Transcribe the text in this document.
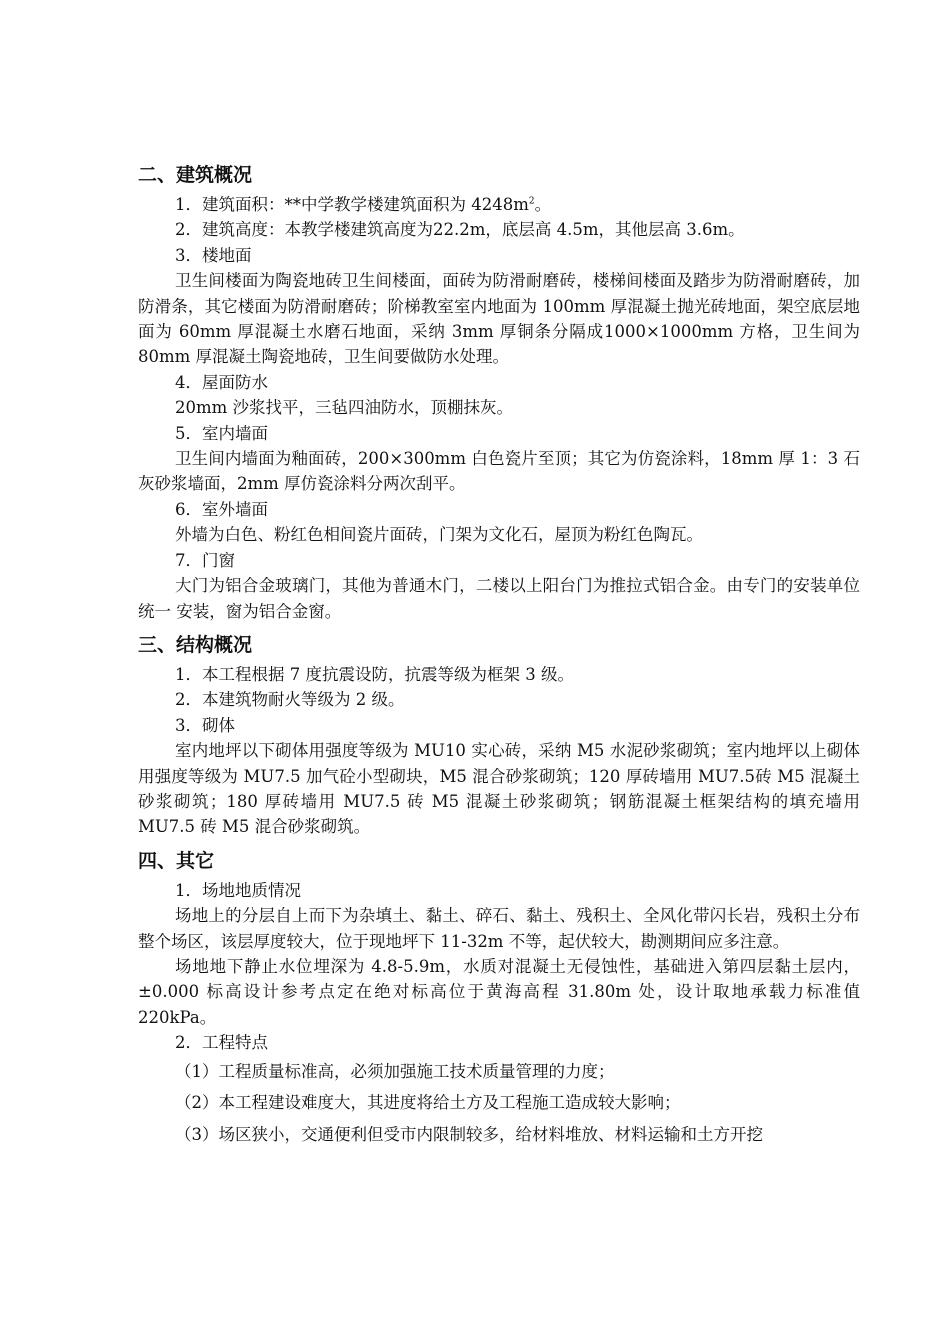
二、建筑概况

1．建筑面积：**中学教学楼建筑面积为 $4248m^2$。

2．建筑高度：本教学楼建筑高度为22.2m，底层高 4.5m，其他层高 3.6m。

3．楼地面

卫生间楼面为陶瓷地砖卫生间楼面，面砖为防滑耐磨砖，楼梯间楼面及踏步为防滑耐磨砖，加防滑条，其它楼面为防滑耐磨砖；阶梯教室室内地面为 100mm 厚混凝土抛光砖地面，架空底层地面为 60mm 厚混凝土水磨石地面，采纳 3mm 厚铜条分隔成1000×1000mm 方格，卫生间为 80mm 厚混凝土陶瓷地砖，卫生间要做防水处理。

4．屋面防水

20mm 沙浆找平，三毡四油防水，顶棚抹灰。

5．室内墙面

卫生间内墙面为釉面砖，200×300mm 白色瓷片至顶；其它为仿瓷涂料，18mm 厚 1：3 石灰砂浆墙面，2mm 厚仿瓷涂料分两次刮平。

6．室外墙面

外墙为白色、粉红色相间瓷片面砖，门架为文化石，屋顶为粉红色陶瓦。

7．门窗

大门为铝合金玻璃门，其他为普通木门，二楼以上阳台门为推拉式铝合金。由专门的安装单位统一 安装，窗为铝合金窗。

三、结构概况

1．本工程根据 7 度抗震设防，抗震等级为框架 3 级。

2．本建筑物耐火等级为 2 级。

3．砌体

室内地坪以下砌体用强度等级为 MU10 实心砖，采纳 M5 水泥砂浆砌筑；室内地坪以上砌体用强度等级为 MU7.5 加气砼小型砌块，M5 混合砂浆砌筑；120 厚砖墙用 MU7.5砖 M5 混凝土砂浆砌筑；180 厚砖墙用 MU7.5 砖 M5 混凝土砂浆砌筑；钢筋混凝土框架结构的填充墙用 MU7.5 砖 M5 混合砂浆砌筑。

四、其它

1．场地地质情况

场地上的分层自上而下为杂填土、黏土、碎石、黏土、残积土、全风化带闪长岩，残积土分布整个场区，该层厚度较大，位于现地坪下 11-32m 不等，起伏较大，勘测期间应多注意。

场地地下静止水位埋深为 4.8-5.9m，水质对混凝土无侵蚀性，基础进入第四层黏土层内，±0.000 标高设计参考点定在绝对标高位于黄海高程 31.80m 处，设计取地承载力标准值 220kPa。

2．工程特点

（1）工程质量标准高，必须加强施工技术质量管理的力度；

（2）本工程建设难度大，其进度将给土方及工程施工造成较大影响；

（3）场区狭小，交通便利但受市内限制较多，给材料堆放、材料运输和土方开挖
